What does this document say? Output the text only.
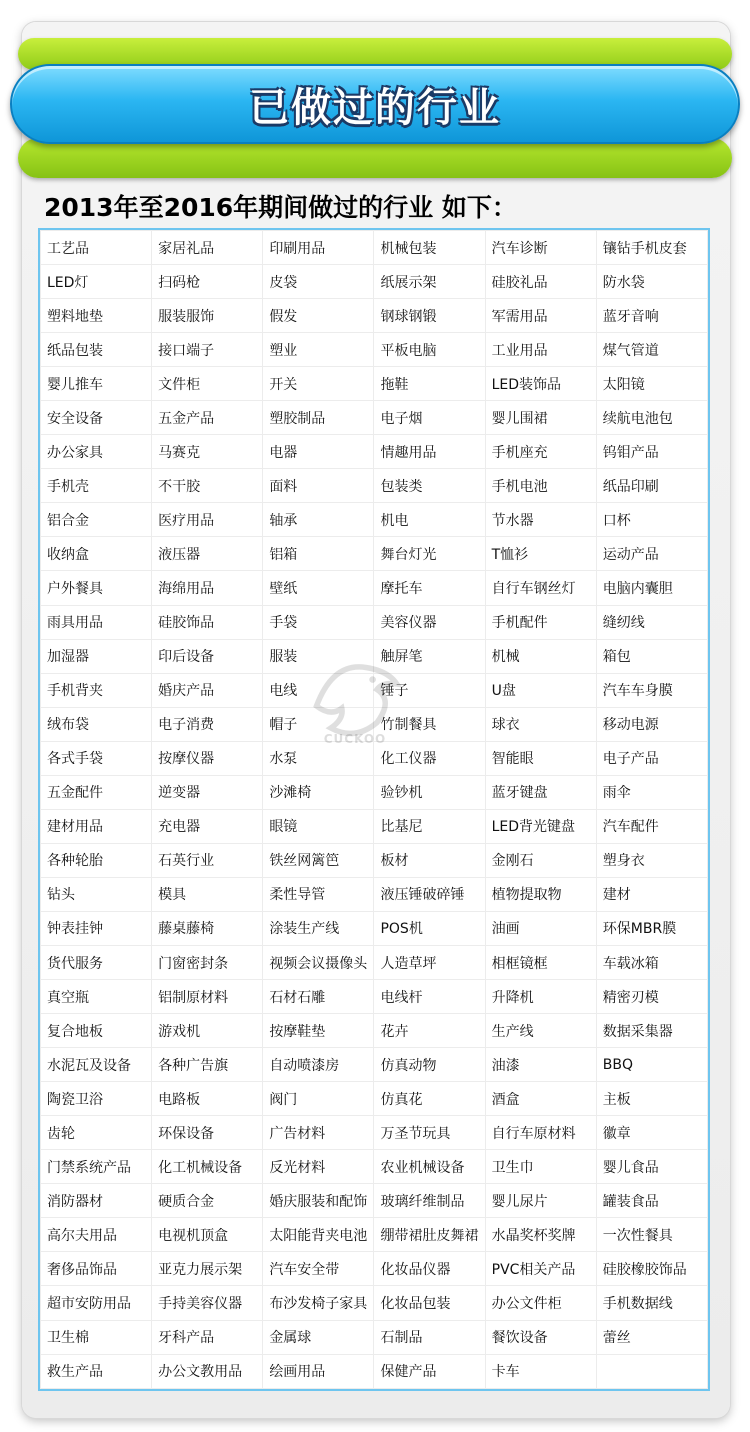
已做过的行业
2013年至2016年期间做过的行业 如下：
工艺品	家居礼品	印刷用品	机械包装	汽车诊断	镶钻手机皮套
LED灯	扫码枪	皮袋	纸展示架	硅胶礼品	防水袋
塑料地垫	服装服饰	假发	钢球钢锻	军需用品	蓝牙音响
纸品包装	接口端子	塑业	平板电脑	工业用品	煤气管道
婴儿推车	文件柜	开关	拖鞋	LED装饰品	太阳镜
安全设备	五金产品	塑胶制品	电子烟	婴儿围裙	续航电池包
办公家具	马赛克	电器	情趣用品	手机座充	钨钼产品
手机壳	不干胶	面料	包装类	手机电池	纸品印刷
铝合金	医疗用品	轴承	机电	节水器	口杯
收纳盒	液压器	铝箱	舞台灯光	T恤衫	运动产品
户外餐具	海绵用品	壁纸	摩托车	自行车钢丝灯	电脑内囊胆
雨具用品	硅胶饰品	手袋	美容仪器	手机配件	缝纫线
加湿器	印后设备	服装	触屏笔	机械	箱包
手机背夹	婚庆产品	电线	锤子	U盘	汽车车身膜
绒布袋	电子消费	帽子	竹制餐具	球衣	移动电源
各式手袋	按摩仪器	水泵	化工仪器	智能眼	电子产品
五金配件	逆变器	沙滩椅	验钞机	蓝牙键盘	雨伞
建材用品	充电器	眼镜	比基尼	LED背光键盘	汽车配件
各种轮胎	石英行业	铁丝网篱笆	板材	金刚石	塑身衣
钻头	模具	柔性导管	液压锤破碎锤	植物提取物	建材
钟表挂钟	藤桌藤椅	涂装生产线	POS机	油画	环保MBR膜
货代服务	门窗密封条	视频会议摄像头	人造草坪	相框镜框	车载冰箱
真空瓶	铝制原材料	石材石雕	电线杆	升降机	精密刃模
复合地板	游戏机	按摩鞋垫	花卉	生产线	数据采集器
水泥瓦及设备	各种广告旗	自动喷漆房	仿真动物	油漆	BBQ
陶瓷卫浴	电路板	阀门	仿真花	酒盒	主板
齿轮	环保设备	广告材料	万圣节玩具	自行车原材料	徽章
门禁系统产品	化工机械设备	反光材料	农业机械设备	卫生巾	婴儿食品
消防器材	硬质合金	婚庆服装和配饰	玻璃纤维制品	婴儿尿片	罐装食品
高尔夫用品	电视机顶盒	太阳能背夹电池	绷带裙肚皮舞裙	水晶奖杯奖牌	一次性餐具
奢侈品饰品	亚克力展示架	汽车安全带	化妆品仪器	PVC相关产品	硅胶橡胶饰品
超市安防用品	手持美容仪器	布沙发椅子家具	化妆品包装	办公文件柜	手机数据线
卫生棉	牙科产品	金属球	石制品	餐饮设备	蕾丝
救生产品	办公文教用品	绘画用品	保健产品	卡车	
CUCKOO
